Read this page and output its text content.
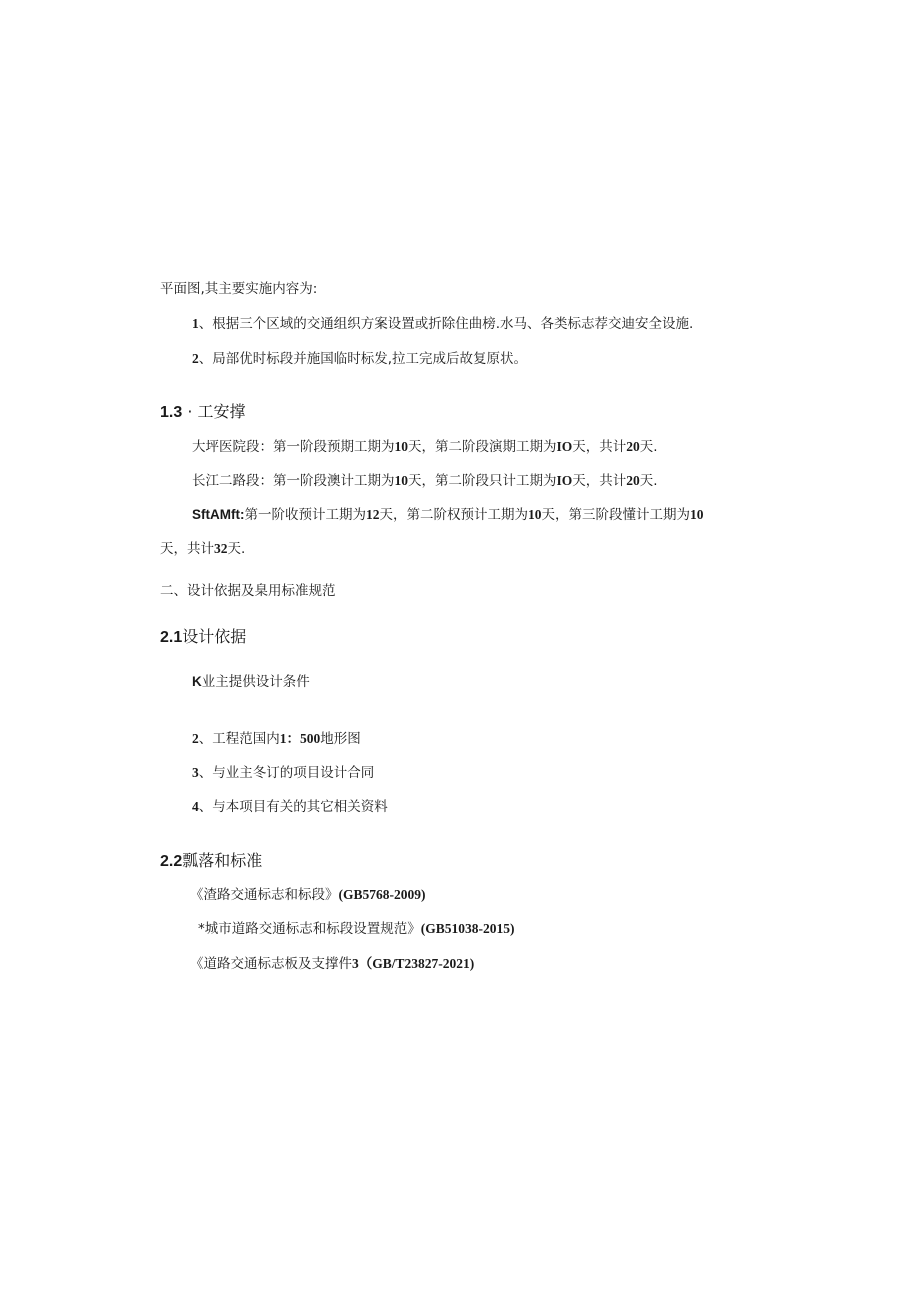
平面图,其主要实施内容为:
1、根据三个区域的交通组织方案设置或折除住曲榜.水马、各类标志荐交迪安全设施.
2、局部优时标段并施国临时标发,拉工完成后故复原状。
1.3 · 工安撑
大坪医院段：第一阶段预期工期为10天，第二阶段演期工期为IO天，共计20天.
长江二路段：第一阶段澳计工期为10天，第二阶段只计工期为IO天，共计20天.
SftAMft:第一阶收预计工期为12天，第二阶权预计工期为10天，第三阶段懂计工期为10
天，共计32天.
二、设计依据及臬用标准规范
2.1设计依据
K业主提供设计条件
2、工程范国内1：500地形图
3、与业主冬订的项目设计合同
4、与本项目有关的其它相关资料
2.2瓢落和标准
《渣路交通标志和标段》(GB5768-2009)
*城市道路交通标志和标段设置规范》(GB51038-2015)
《道路交通标志板及支撑件3（GB/T23827-2021)
